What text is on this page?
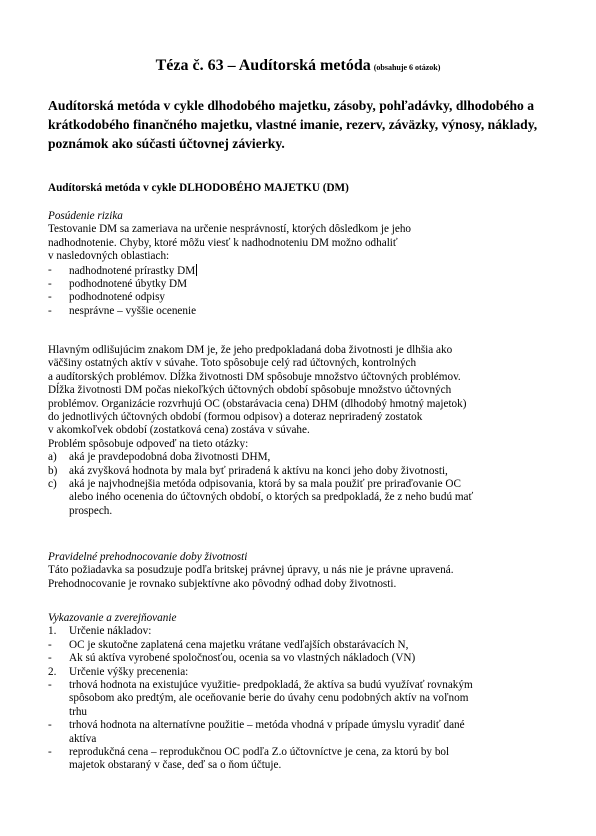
Téza č. 63 – Audítorská metóda (obsahuje 6 otázok)
Audítorská metóda v cykle dlhodobého majetku, zásoby, pohľadávky, dlhodobého a krátkodobého finančného majetku, vlastné imanie, rezerv, záväzky, výnosy, náklady, poznámok ako súčasti účtovnej závierky.
Audítorská metóda v cykle DLHODOBÉHO MAJETKU (DM)
Posúdenie rizika
Testovanie DM sa zameriava na určenie nesprávností, ktorých dôsledkom je jeho
nadhodnotenie. Chyby, ktoré môžu viesť k nadhodnoteniu DM možno odhaliť
v nasledovných oblastiach:
- nadhodnotené prírastky DM
- podhodnotené úbytky DM
- podhodnotené odpisy
- nesprávne – vyššie ocenenie
Hlavným odlišujúcim znakom DM je, že jeho predpokladaná doba životnosti je dlhšia ako
väčšiny ostatných aktív v súvahe. Toto spôsobuje celý rad účtovných, kontrolných
a audítorských problémov. Dĺžka životnosti DM spôsobuje množstvo účtovných problémov.
Dĺžka životnosti DM počas niekoľkých účtovných období spôsobuje množstvo účtovných
problémov. Organizácie rozvrhujú OC (obstarávacia cena) DHM (dlhodobý hmotný majetok)
do jednotlivých účtovných období (formou odpisov) a doteraz nepriradený zostatok
v akomkoľvek období (zostatková cena) zostáva v súvahe.
Problém spôsobuje odpoveď na tieto otázky:
a) aká je pravdepodobná doba životnosti DHM,
b) aká zvyšková hodnota by mala byť priradená k aktívu na konci jeho doby životnosti,
c) aká je najvhodnejšia metóda odpisovania, ktorá by sa mala použiť pre priraďovanie OC
alebo iného ocenenia do účtovných období, o ktorých sa predpokladá, že z neho budú mať
prospech.
Pravidelné prehodnocovanie doby životnosti
Táto požiadavka sa posudzuje podľa britskej právnej úpravy, u nás nie je právne upravená.
Prehodnocovanie je rovnako subjektívne ako pôvodný odhad doby životnosti.
Vykazovanie a zverejňovanie
1. Určenie nákladov:
- OC je skutočne zaplatená cena majetku vrátane vedľajších obstarávacích N,
- Ak sú aktíva vyrobené spoločnosťou, ocenia sa vo vlastných nákladoch (VN)
2. Určenie výšky precenenia:
- trhová hodnota na existujúce využitie- predpokladá, že aktíva sa budú využívať rovnakým
spôsobom ako predtým, ale oceňovanie berie do úvahy cenu podobných aktív na voľnom
trhu
- trhová hodnota na alternatívne použitie – metóda vhodná v prípade úmyslu vyradiť dané
aktíva
- reprodukčná cena – reprodukčnou OC podľa Z.o účtovníctve je cena, za ktorú by bol
majetok obstaraný v čase, deď sa o ňom účtuje.
